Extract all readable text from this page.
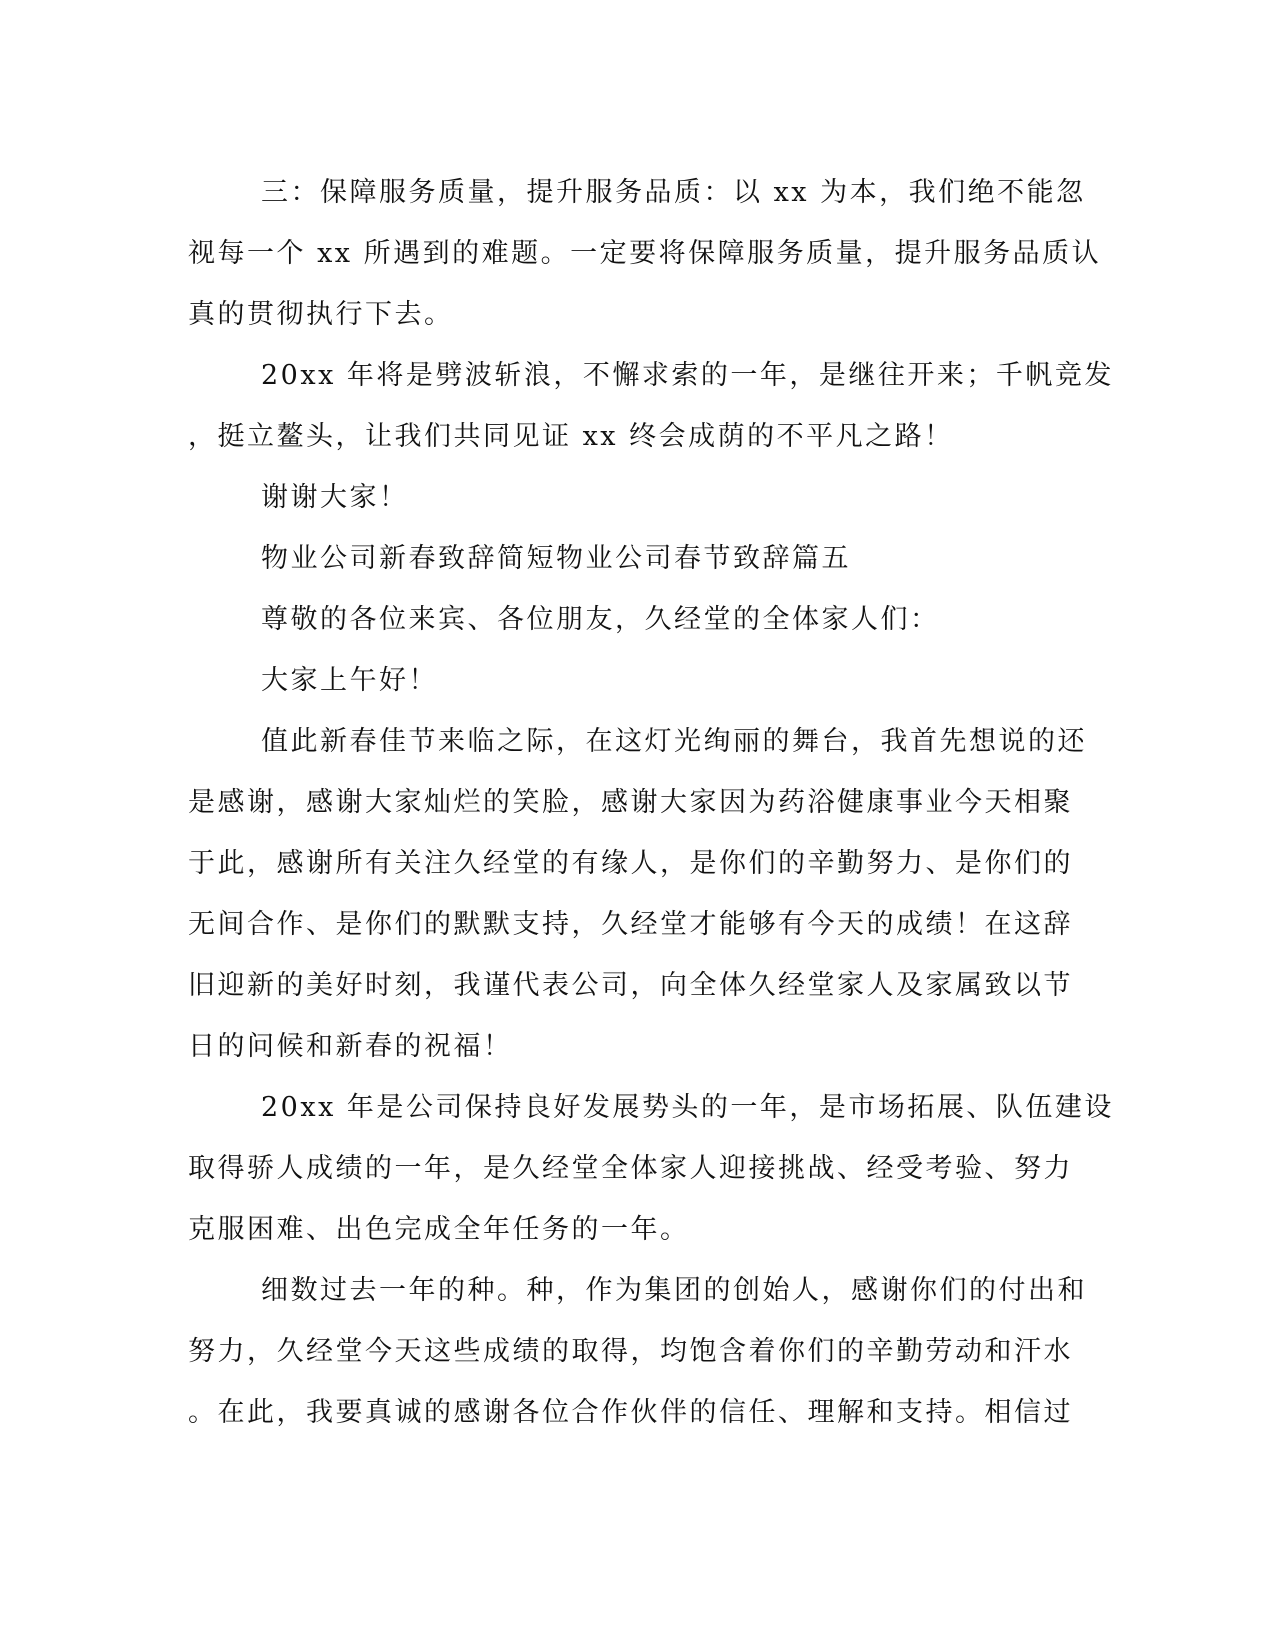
三：保障服务质量，提升服务品质：以 xx 为本，我们绝不能忽
视每一个 xx 所遇到的难题。一定要将保障服务质量，提升服务品质认
真的贯彻执行下去。
20xx 年将是劈波斩浪，不懈求索的一年，是继往开来；千帆竞发
，挺立鳌头，让我们共同见证 xx 终会成荫的不平凡之路！
谢谢大家！
物业公司新春致辞简短物业公司春节致辞篇五
尊敬的各位来宾、各位朋友，久经堂的全体家人们：
大家上午好！
值此新春佳节来临之际，在这灯光绚丽的舞台，我首先想说的还
是感谢，感谢大家灿烂的笑脸，感谢大家因为药浴健康事业今天相聚
于此，感谢所有关注久经堂的有缘人，是你们的辛勤努力、是你们的
无间合作、是你们的默默支持，久经堂才能够有今天的成绩！在这辞
旧迎新的美好时刻，我谨代表公司，向全体久经堂家人及家属致以节
日的问候和新春的祝福！
20xx 年是公司保持良好发展势头的一年，是市场拓展、队伍建设
取得骄人成绩的一年，是久经堂全体家人迎接挑战、经受考验、努力
克服困难、出色完成全年任务的一年。
细数过去一年的种。种，作为集团的创始人，感谢你们的付出和
努力，久经堂今天这些成绩的取得，均饱含着你们的辛勤劳动和汗水
。在此，我要真诚的感谢各位合作伙伴的信任、理解和支持。相信过
